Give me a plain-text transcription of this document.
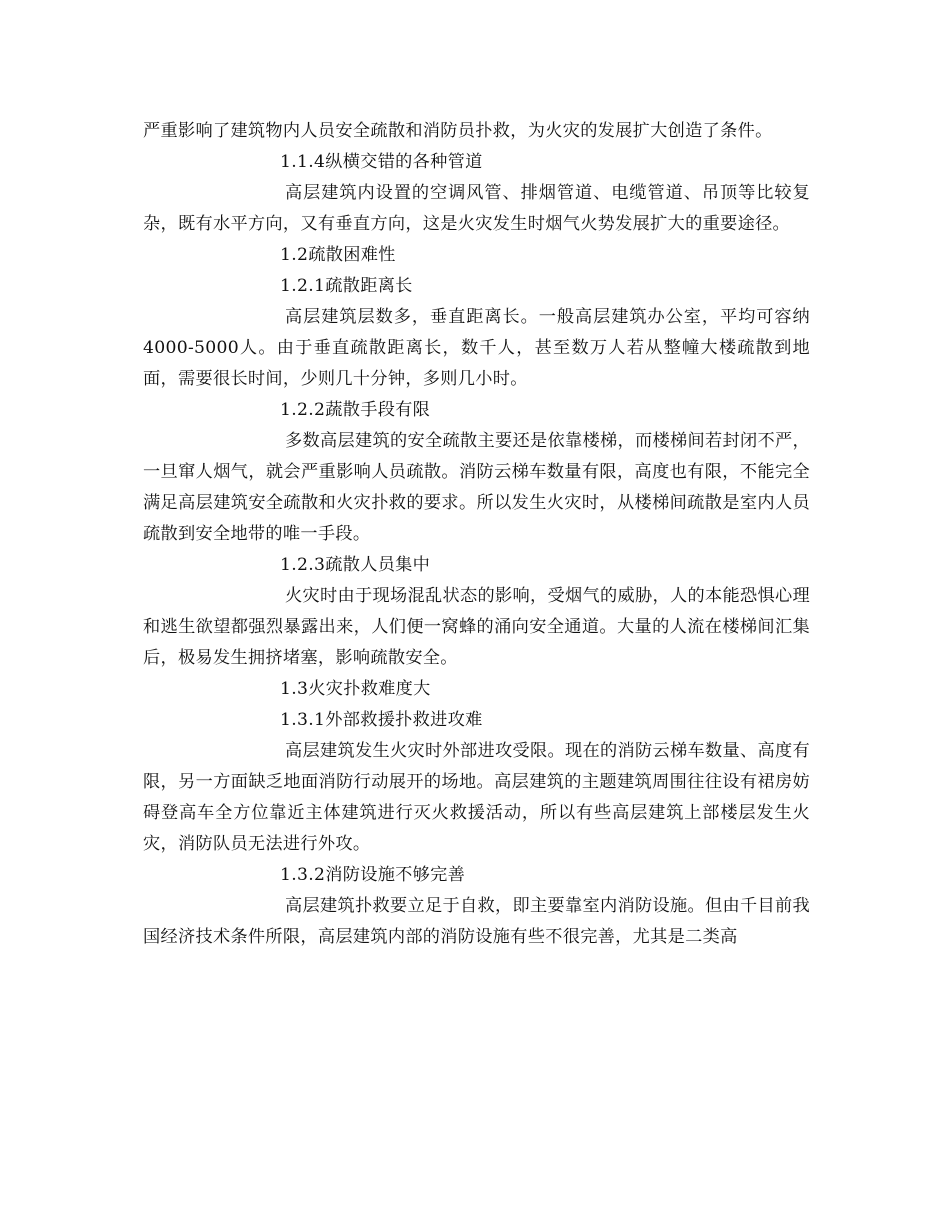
严重影响了建筑物内人员安全疏散和消防员扑救，为火灾的发展扩大创造了条件。

1.1.4纵横交错的各种管道

高层建筑内设置的空调风管、排烟管道、电缆管道、吊顶等比较复杂，既有水平方向，又有垂直方向，这是火灾发生时烟气火势发展扩大的重要途径。

1.2疏散困难性

1.2.1疏散距离长

高层建筑层数多，垂直距离长。一般高层建筑办公室，平均可容纳4000-5000人。由于垂直疏散距离长，数千人，甚至数万人若从整幢大楼疏散到地面，需要很长时间，少则几十分钟，多则几小时。

1.2.2蔬散手段有限

多数高层建筑的安全疏散主要还是依靠楼梯，而楼梯间若封闭不严，一旦窜人烟气，就会严重影响人员疏散。消防云梯车数量有限，高度也有限，不能完全满足高层建筑安全疏散和火灾扑救的要求。所以发生火灾时，从楼梯间疏散是室内人员疏散到安全地带的唯一手段。

1.2.3疏散人员集中

火灾时由于现场混乱状态的影响，受烟气的威胁，人的本能恐惧心理和逃生欲望都强烈暴露出来，人们便一窝蜂的涌向安全通道。大量的人流在楼梯间汇集后，极易发生拥挤堵塞，影响疏散安全。

1.3火灾扑救难度大

1.3.1外部救援扑救进攻难

高层建筑发生火灾时外部进攻受限。现在的消防云梯车数量、高度有限，另一方面缺乏地面消防行动展开的场地。高层建筑的主题建筑周围往往设有裙房妨碍登高车全方位靠近主体建筑进行灭火救援活动，所以有些高层建筑上部楼层发生火灾，消防队员无法进行外攻。

1.3.2消防设施不够完善

高层建筑扑救要立足于自救，即主要靠室内消防设施。但由千目前我国经济技术条件所限，高层建筑内部的消防设施有些不很完善，尤其是二类高
